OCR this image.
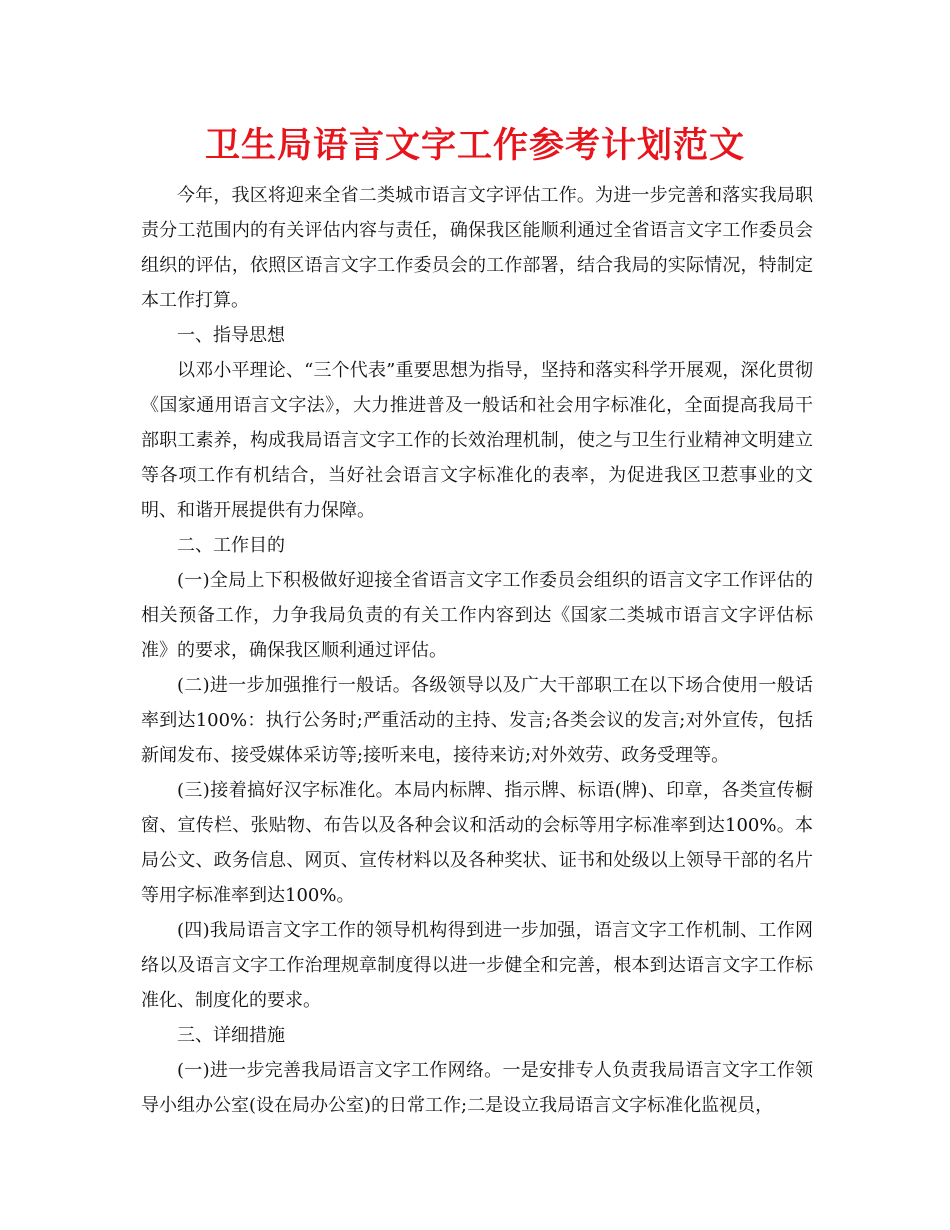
卫生局语言文字工作参考计划范文

今年，我区将迎来全省二类城市语言文字评估工作。为进一步完善和落实我局职责分工范围内的有关评估内容与责任，确保我区能顺利通过全省语言文字工作委员会组织的评估，依照区语言文字工作委员会的工作部署，结合我局的实际情况，特制定本工作打算。

一、指导思想

以邓小平理论、“三个代表”重要思想为指导，坚持和落实科学开展观，深化贯彻《国家通用语言文字法》，大力推进普及一般话和社会用字标准化，全面提高我局干部职工素养，构成我局语言文字工作的长效治理机制，使之与卫生行业精神文明建立等各项工作有机结合，当好社会语言文字标准化的表率，为促进我区卫惹事业的文明、和谐开展提供有力保障。

二、工作目的

(一)全局上下积极做好迎接全省语言文字工作委员会组织的语言文字工作评估的相关预备工作，力争我局负责的有关工作内容到达《国家二类城市语言文字评估标准》的要求，确保我区顺利通过评估。

(二)进一步加强推行一般话。各级领导以及广大干部职工在以下场合使用一般话率到达100%：执行公务时;严重活动的主持、发言;各类会议的发言;对外宣传，包括新闻发布、接受媒体采访等;接听来电，接待来访;对外效劳、政务受理等。

(三)接着搞好汉字标准化。本局内标牌、指示牌、标语(牌)、印章，各类宣传橱窗、宣传栏、张贴物、布告以及各种会议和活动的会标等用字标准率到达100%。本局公文、政务信息、网页、宣传材料以及各种奖状、证书和处级以上领导干部的名片等用字标准率到达100%。

(四)我局语言文字工作的领导机构得到进一步加强，语言文字工作机制、工作网络以及语言文字工作治理规章制度得以进一步健全和完善，根本到达语言文字工作标准化、制度化的要求。

三、详细措施

(一)进一步完善我局语言文字工作网络。一是安排专人负责我局语言文字工作领导小组办公室(设在局办公室)的日常工作;二是设立我局语言文字标准化监视员，
